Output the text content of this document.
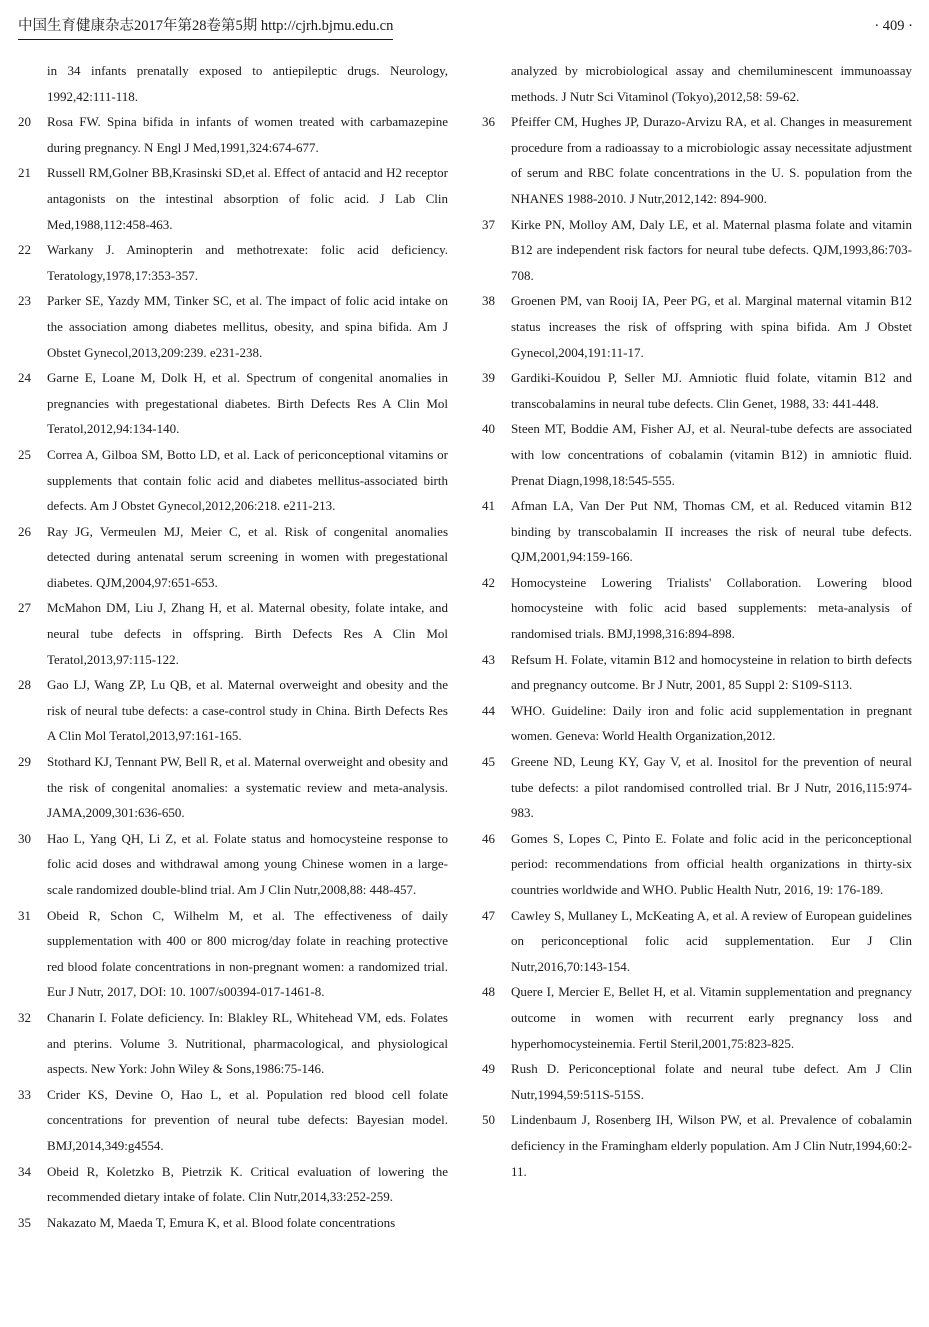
中国生育健康杂志2017年第28卷第5期 http://cjrh.bjmu.edu.cn	· 409 ·
in 34 infants prenatally exposed to antiepileptic drugs. Neurology, 1992,42:111-118.
20	Rosa FW. Spina bifida in infants of women treated with carbamazepine during pregnancy. N Engl J Med,1991,324:674-677.
21	Russell RM,Golner BB,Krasinski SD,et al. Effect of antacid and H2 receptor antagonists on the intestinal absorption of folic acid. J Lab Clin Med,1988,112:458-463.
22	Warkany J. Aminopterin and methotrexate: folic acid deficiency. Teratology,1978,17:353-357.
23	Parker SE, Yazdy MM, Tinker SC, et al. The impact of folic acid intake on the association among diabetes mellitus, obesity, and spina bifida. Am J Obstet Gynecol,2013,209:239. e231-238.
24	Garne E, Loane M, Dolk H, et al. Spectrum of congenital anomalies in pregnancies with pregestational diabetes. Birth Defects Res A Clin Mol Teratol,2012,94:134-140.
25	Correa A, Gilboa SM, Botto LD, et al. Lack of periconceptional vitamins or supplements that contain folic acid and diabetes mellitus-associated birth defects. Am J Obstet Gynecol,2012,206:218. e211-213.
26	Ray JG, Vermeulen MJ, Meier C, et al. Risk of congenital anomalies detected during antenatal serum screening in women with pregestational diabetes. QJM,2004,97:651-653.
27	McMahon DM, Liu J, Zhang H, et al. Maternal obesity, folate intake, and neural tube defects in offspring. Birth Defects Res A Clin Mol Teratol,2013,97:115-122.
28	Gao LJ, Wang ZP, Lu QB, et al. Maternal overweight and obesity and the risk of neural tube defects: a case-control study in China. Birth Defects Res A Clin Mol Teratol,2013,97:161-165.
29	Stothard KJ, Tennant PW, Bell R, et al. Maternal overweight and obesity and the risk of congenital anomalies: a systematic review and meta-analysis. JAMA,2009,301:636-650.
30	Hao L, Yang QH, Li Z, et al. Folate status and homocysteine response to folic acid doses and withdrawal among young Chinese women in a large-scale randomized double-blind trial. Am J Clin Nutr,2008,88: 448-457.
31	Obeid R, Schon C, Wilhelm M, et al. The effectiveness of daily supplementation with 400 or 800 microg/day folate in reaching protective red blood folate concentrations in non-pregnant women: a randomized trial. Eur J Nutr, 2017, DOI: 10. 1007/s00394-017-1461-8.
32	Chanarin I. Folate deficiency. In: Blakley RL, Whitehead VM, eds. Folates and pterins. Volume 3. Nutritional, pharmacological, and physiological aspects. New York: John Wiley & Sons,1986:75-146.
33	Crider KS, Devine O, Hao L, et al. Population red blood cell folate concentrations for prevention of neural tube defects: Bayesian model. BMJ,2014,349:g4554.
34	Obeid R, Koletzko B, Pietrzik K. Critical evaluation of lowering the recommended dietary intake of folate. Clin Nutr,2014,33:252-259.
35	Nakazato M, Maeda T, Emura K, et al. Blood folate concentrations
analyzed by microbiological assay and chemiluminescent immunoassay methods. J Nutr Sci Vitaminol (Tokyo),2012,58: 59-62.
36	Pfeiffer CM, Hughes JP, Durazo-Arvizu RA, et al. Changes in measurement procedure from a radioassay to a microbiologic assay necessitate adjustment of serum and RBC folate concentrations in the U. S. population from the NHANES 1988-2010. J Nutr,2012,142: 894-900.
37	Kirke PN, Molloy AM, Daly LE, et al. Maternal plasma folate and vitamin B12 are independent risk factors for neural tube defects. QJM,1993,86:703-708.
38	Groenen PM, van Rooij IA, Peer PG, et al. Marginal maternal vitamin B12 status increases the risk of offspring with spina bifida. Am J Obstet Gynecol,2004,191:11-17.
39	Gardiki-Kouidou P, Seller MJ. Amniotic fluid folate, vitamin B12 and transcobalamins in neural tube defects. Clin Genet, 1988, 33: 441-448.
40	Steen MT, Boddie AM, Fisher AJ, et al. Neural-tube defects are associated with low concentrations of cobalamin (vitamin B12) in amniotic fluid. Prenat Diagn,1998,18:545-555.
41	Afman LA, Van Der Put NM, Thomas CM, et al. Reduced vitamin B12 binding by transcobalamin II increases the risk of neural tube defects. QJM,2001,94:159-166.
42	Homocysteine Lowering Trialists' Collaboration. Lowering blood homocysteine with folic acid based supplements: meta-analysis of randomised trials. BMJ,1998,316:894-898.
43	Refsum H. Folate, vitamin B12 and homocysteine in relation to birth defects and pregnancy outcome. Br J Nutr, 2001, 85 Suppl 2: S109-S113.
44	WHO. Guideline: Daily iron and folic acid supplementation in pregnant women. Geneva: World Health Organization,2012.
45	Greene ND, Leung KY, Gay V, et al. Inositol for the prevention of neural tube defects: a pilot randomised controlled trial. Br J Nutr, 2016,115:974-983.
46	Gomes S, Lopes C, Pinto E. Folate and folic acid in the periconceptional period: recommendations from official health organizations in thirty-six countries worldwide and WHO. Public Health Nutr, 2016, 19: 176-189.
47	Cawley S, Mullaney L, McKeating A, et al. A review of European guidelines on periconceptional folic acid supplementation. Eur J Clin Nutr,2016,70:143-154.
48	Quere I, Mercier E, Bellet H, et al. Vitamin supplementation and pregnancy outcome in women with recurrent early pregnancy loss and hyperhomocysteinemia. Fertil Steril,2001,75:823-825.
49	Rush D. Periconceptional folate and neural tube defect. Am J Clin Nutr,1994,59:511S-515S.
50	Lindenbaum J, Rosenberg IH, Wilson PW, et al. Prevalence of cobalamin deficiency in the Framingham elderly population. Am J Clin Nutr,1994,60:2-11.
